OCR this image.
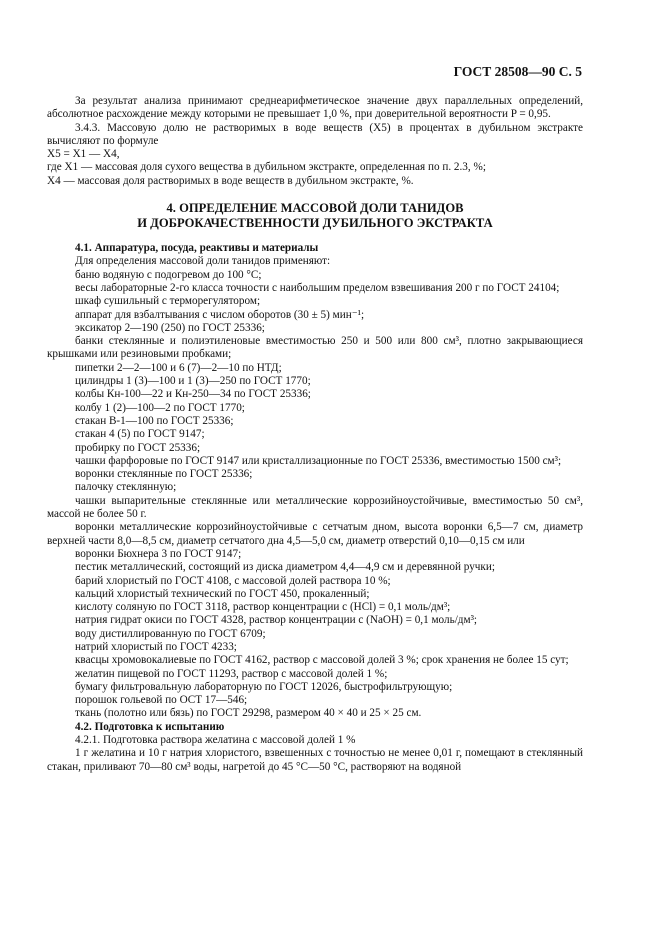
ГОСТ 28508—90 С. 5

За результат анализа принимают среднеарифметическое значение двух параллельных определений, абсолютное расхождение между которыми не превышает 1,0 %, при доверительной вероятности P = 0,95.

3.4.3. Массовую долю не растворимых в воде веществ (X5) в процентах в дубильном экстракте вычисляют по формуле

X5 = X1 — X4,

где X1 — массовая доля сухого вещества в дубильном экстракте, определенная по п. 2.3, %;

X4 — массовая доля растворимых в воде веществ в дубильном экстракте, %.

4. ОПРЕДЕЛЕНИЕ МАССОВОЙ ДОЛИ ТАНИДОВ
И ДОБРОКАЧЕСТВЕННОСТИ ДУБИЛЬНОГО ЭКСТРАКТА
4.1. Аппаратура, посуда, реактивы и материалы

Для определения массовой доли танидов применяют:

баню водяную с подогревом до 100 °С;
весы лабораторные 2-го класса точности с наибольшим пределом взвешивания 200 г по ГОСТ 24104;
шкаф сушильный с терморегулятором;
аппарат для взбалтывания с числом оборотов (30 ± 5) мин⁻¹;
эксикатор 2—190 (250) по ГОСТ 25336;
банки стеклянные и полиэтиленовые вместимостью 250 и 500 или 800 см³, плотно закрывающиеся крышками или резиновыми пробками;
пипетки 2—2—100 и 6 (7)—2—10 по НТД;
цилиндры 1 (3)—100 и 1 (3)—250 по ГОСТ 1770;
колбы Кн-100—22 и Кн-250—34 по ГОСТ 25336;
колбу 1 (2)—100—2 по ГОСТ 1770;
стакан В-1—100 по ГОСТ 25336;
стакан 4 (5) по ГОСТ 9147;
пробирку по ГОСТ 25336;
чашки фарфоровые по ГОСТ 9147 или кристаллизационные по ГОСТ 25336, вместимостью 1500 см³;
воронки стеклянные по ГОСТ 25336;
палочку стеклянную;
чашки выпарительные стеклянные или металлические коррозийноустойчивые, вместимостью 50 см³, массой не более 50 г.
воронки металлические коррозийноустойчивые с сетчатым дном, высота воронки 6,5—7 см, диаметр верхней части 8,0—8,5 см, диаметр сетчатого дна 4,5—5,0 см, диаметр отверстий 0,10—0,15 см или
воронки Бюхнера 3 по ГОСТ 9147;
пестик металлический, состоящий из диска диаметром 4,4—4,9 см и деревянной ручки;
барий хлористый по ГОСТ 4108, с массовой долей раствора 10 %;
кальций хлористый технический по ГОСТ 450, прокаленный;
кислоту соляную по ГОСТ 3118, раствор концентрации с (HCl) = 0,1 моль/дм³;
натрия гидрат окиси по ГОСТ 4328, раствор концентрации с (NaOH) = 0,1 моль/дм³;
воду дистиллированную по ГОСТ 6709;
натрий хлористый по ГОСТ 4233;
квасцы хромовокалиевые по ГОСТ 4162, раствор с массовой долей 3 %; срок хранения не более 15 сут;
желатин пищевой по ГОСТ 11293, раствор с массовой долей 1 %;
бумагу фильтровальную лабораторную по ГОСТ 12026, быстрофильтрующую;
порошок гольевой по ОСТ 17—546;
ткань (полотно или бязь) по ГОСТ 29298, размером 40 × 40 и 25 × 25 см.
4.2. Подготовка к испытанию

4.2.1. Подготовка раствора желатина с массовой долей 1 %

1 г желатина и 10 г натрия хлористого, взвешенных с точностью не менее 0,01 г, помещают в стеклянный стакан, приливают 70—80 см³ воды, нагретой до 45 °С—50 °С, растворяют на водяной
